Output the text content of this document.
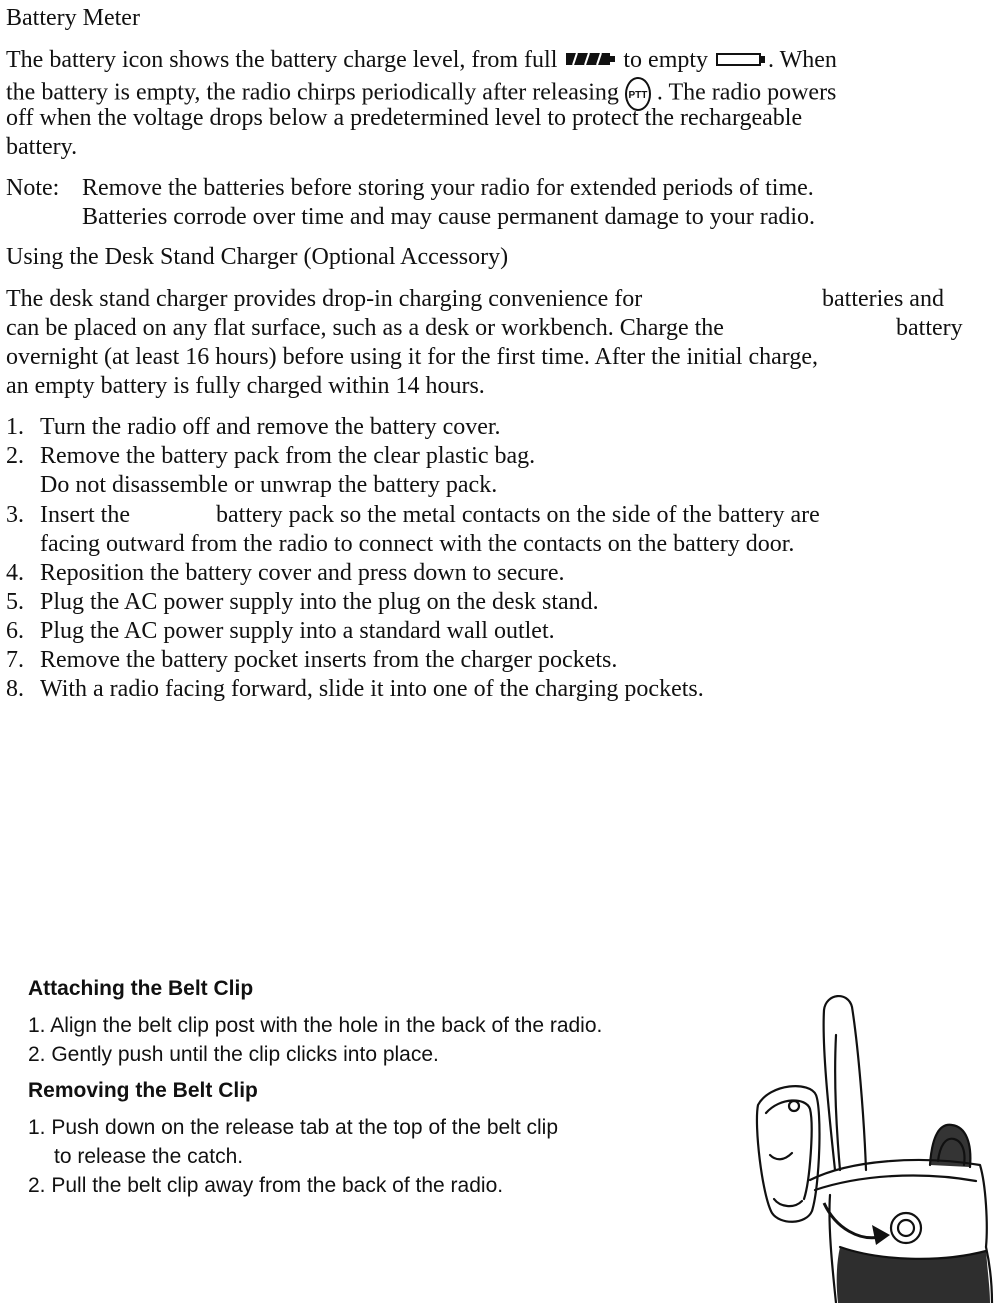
Battery Meter
The battery icon shows the battery charge level, from full	to empty	. When
the battery is empty, the radio chirps periodically after releasing PTT . The radio powers
off when the voltage drops below a predetermined level to protect the rechargeable
battery.
Note: Remove the batteries before storing your radio for extended periods of time.
Batteries corrode over time and may cause permanent damage to your radio.
Using the Desk Stand Charger (Optional Accessory)
The desk stand charger provides drop-in charging convenience for	batteries and
can be placed on any flat surface, such as a desk or workbench. Charge the	battery
overnight (at least 16 hours) before using it for the first time. After the initial charge,
an empty battery is fully charged within 14 hours.
1. Turn the radio off and remove the battery cover.
2. Remove the battery pack from the clear plastic bag.
Do not disassemble or unwrap the battery pack.
3. Insert the	battery pack so the metal contacts on the side of the battery are
facing outward from the radio to connect with the contacts on the battery door.
4. Reposition the battery cover and press down to secure.
5. Plug the AC power supply into the plug on the desk stand.
6. Plug the AC power supply into a standard wall outlet.
7. Remove the battery pocket inserts from the charger pockets.
8. With a radio facing forward, slide it into one of the charging pockets.
Attaching the Belt Clip
1. Align the belt clip post with the hole in the back of the radio.
2. Gently push until the clip clicks into place.
Removing the Belt Clip
1. Push down on the release tab at the top of the belt clip
to release the catch.
2. Pull the belt clip away from the back of the radio.
